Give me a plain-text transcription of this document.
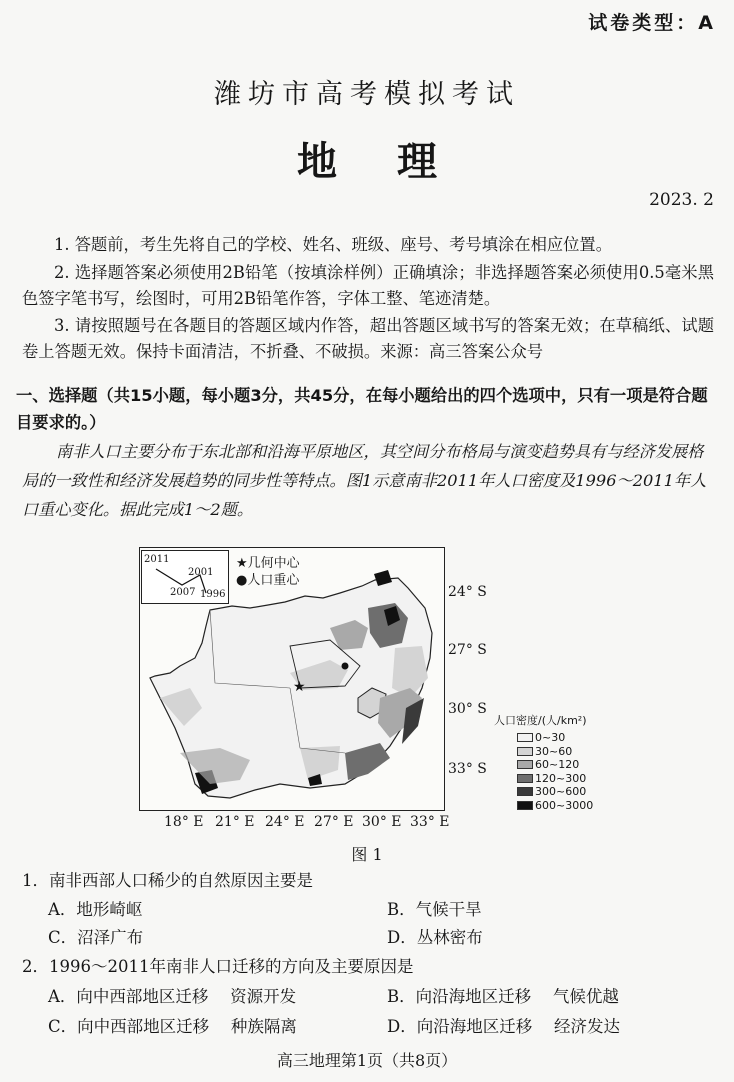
试卷类型：A
潍坊市高考模拟考试
地理
2023. 2
1. 答题前，考生先将自己的学校、姓名、班级、座号、考号填涂在相应位置。
2. 选择题答案必须使用2B铅笔（按填涂样例）正确填涂；非选择题答案必须使用0.5毫米黑色签字笔书写，绘图时，可用2B铅笔作答，字体工整、笔迹清楚。
3. 请按照题号在各题目的答题区域内作答，超出答题区域书写的答案无效；在草稿纸、试题卷上答题无效。保持卡面清洁，不折叠、不破损。来源：高三答案公众号
一、选择题（共15小题，每小题3分，共45分，在每小题给出的四个选项中，只有一项是符合题目要求的。）
南非人口主要分布于东北部和沿海平原地区，其空间分布格局与演变趋势具有与经济发展格局的一致性和经济发展趋势的同步性等特点。图1示意南非2011年人口密度及1996～2011年人口重心变化。据此完成1～2题。
★
2011
2001
2007 1996
★几何中心
●人口重心
24° S
27° S
30° S
33° S
18° E 21° E 24° E 27° E 30° E 33° E
人口密度/(人/km²)
0~30
30~60
60~120
120~300
300~600
600~3000
图 1
1．南非西部人口稀少的自然原因主要是
A．地形崎岖	B．气候干旱
C．沼泽广布	D．丛林密布
2．1996～2011年南非人口迁移的方向及主要原因是
A．向中西部地区迁移　 资源开发	B．向沿海地区迁移　 气候优越
C．向中西部地区迁移　 种族隔离	D．向沿海地区迁移　 经济发达
高三地理第1页（共8页）
